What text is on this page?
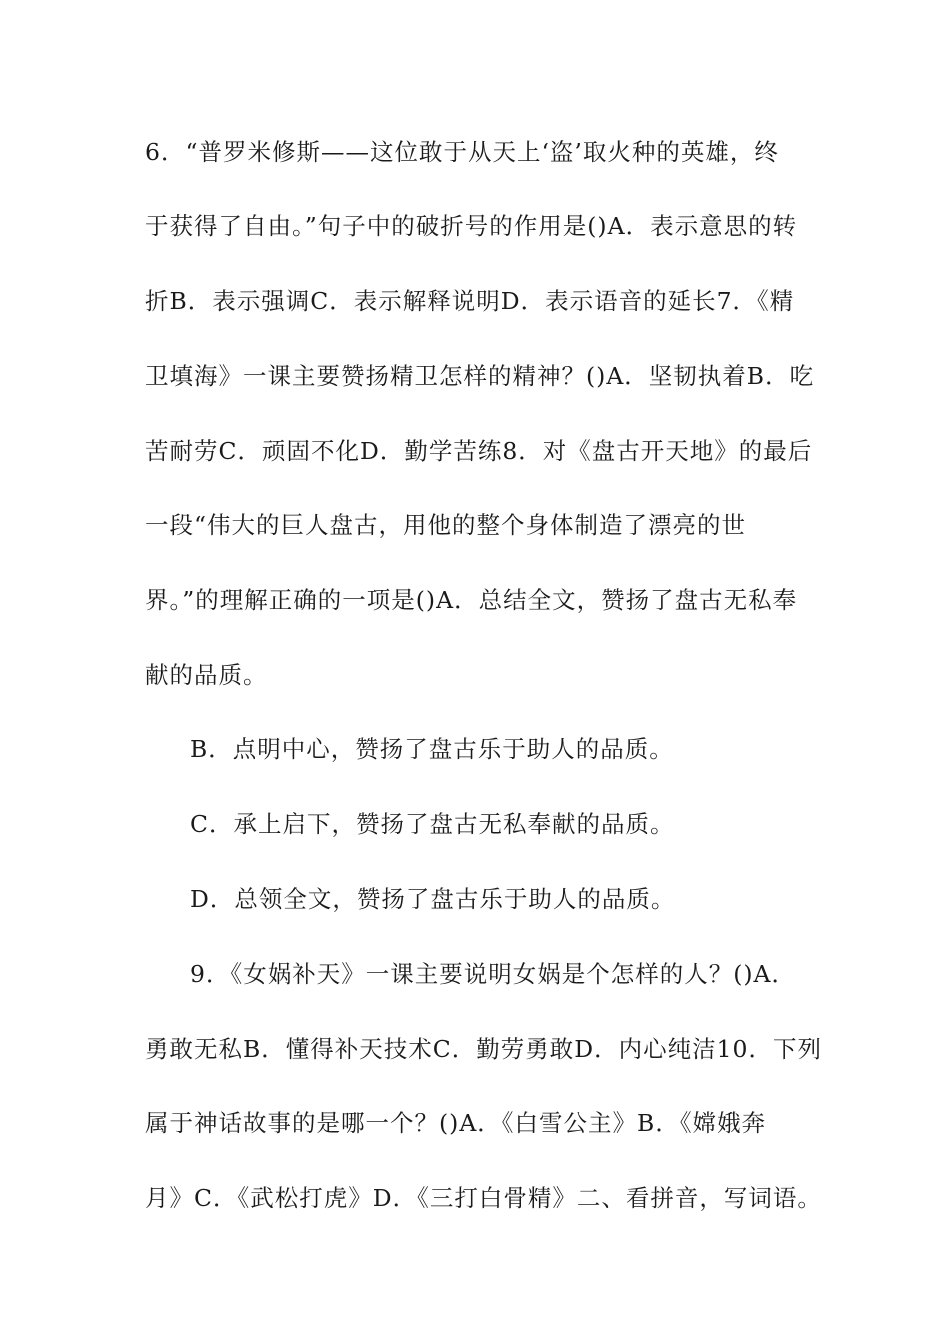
6．“普罗米修斯——这位敢于从天上‘盗’取火种的英雄，终
于获得了自由。”句子中的破折号的作用是()A．表示意思的转
折B．表示强调C．表示解释说明D．表示语音的延长7．《精
卫填海》一课主要赞扬精卫怎样的精神？()A．坚韧执着B．吃
苦耐劳C．顽固不化D．勤学苦练8．对《盘古开天地》的最后
一段“伟大的巨人盘古，用他的整个身体制造了漂亮的世
界。”的理解正确的一项是()A．总结全文，赞扬了盘古无私奉
献的品质。
B．点明中心，赞扬了盘古乐于助人的品质。
C．承上启下，赞扬了盘古无私奉献的品质。
D．总领全文，赞扬了盘古乐于助人的品质。
9．《女娲补天》一课主要说明女娲是个怎样的人？()A．
勇敢无私B．懂得补天技术C．勤劳勇敢D．内心纯洁10．下列
属于神话故事的是哪一个？()A．《白雪公主》B．《嫦娥奔
月》C．《武松打虎》D．《三打白骨精》二、看拼音，写词语。
